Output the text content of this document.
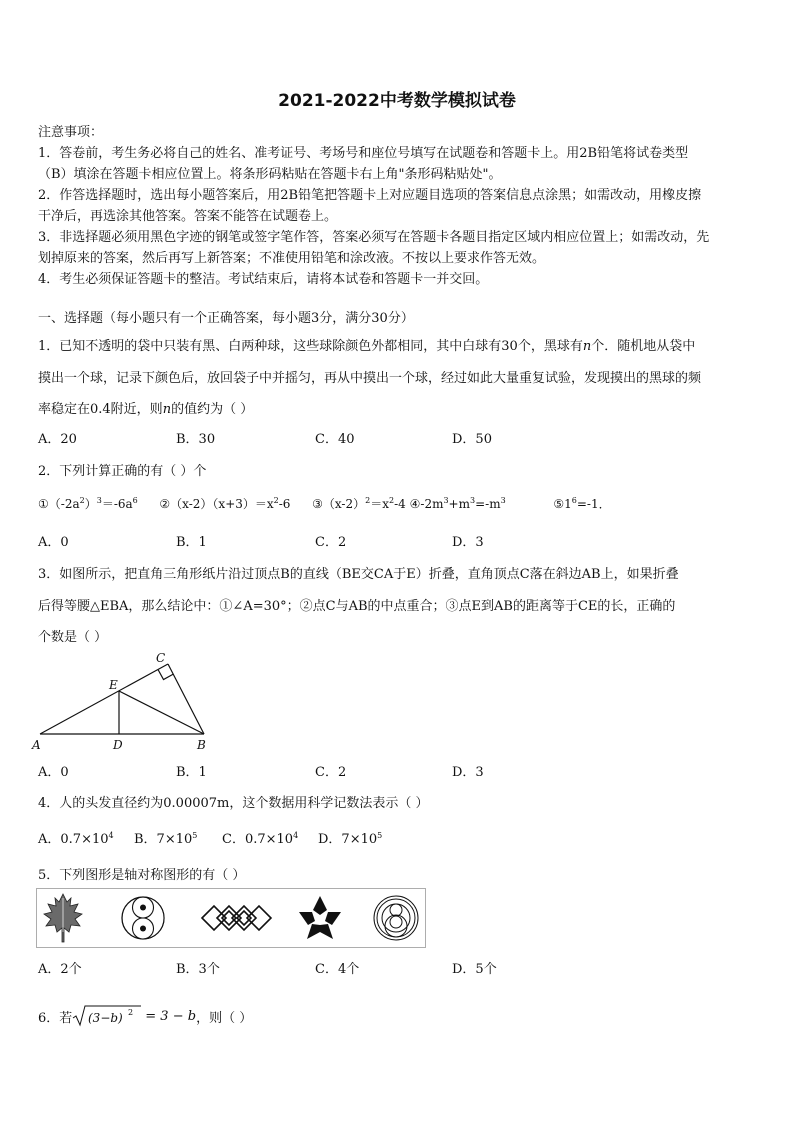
2021-2022中考数学模拟试卷
注意事项：
1．答卷前，考生务必将自己的姓名、准考证号、考场号和座位号填写在试题卷和答题卡上。用2B铅笔将试卷类型
（B）填涂在答题卡相应位置上。将条形码粘贴在答题卡右上角"条形码粘贴处"。
2．作答选择题时，选出每小题答案后，用2B铅笔把答题卡上对应题目选项的答案信息点涂黑；如需改动，用橡皮擦
干净后，再选涂其他答案。答案不能答在试题卷上。
3．非选择题必须用黑色字迹的钢笔或签字笔作答，答案必须写在答题卡各题目指定区域内相应位置上；如需改动，先
划掉原来的答案，然后再写上新答案；不准使用铅笔和涂改液。不按以上要求作答无效。
4．考生必须保证答题卡的整洁。考试结束后，请将本试卷和答题卡一并交回。
一、选择题（每小题只有一个正确答案，每小题3分，满分30分）
1．已知不透明的袋中只装有黑、白两种球，这些球除颜色外都相同，其中白球有30个，黑球有n个．随机地从袋中
摸出一个球，记录下颜色后，放回袋子中并摇匀，再从中摸出一个球，经过如此大量重复试验，发现摸出的黑球的频
率稳定在0.4附近，则n的值约为（ ）
A．20	B．30	C．40	D．50
2．下列计算正确的有（ ）个
$①(-2a^2)^3=-6a^6$ $②(x-2)(x+3)=x^2-6$ $③(x-2)^2=x^2-4$ $④-2m^3+m^3=-m^3$	$⑤1^6=-1$．
A．0	B．1	C．2	D．3
3．如图所示，把直角三角形纸片沿过顶点B的直线（BE交CA于E）折叠，直角顶点C落在斜边AB上，如果折叠
后得等腰△EBA，那么结论中：①∠A=30°；②点C与AB的中点重合；③点E到AB的距离等于CE的长，正确的
个数是（ ）
A	D	B
E
C
A．0	B．1	C．2	D．3
4．人的头发直径约为0.00007m，这个数据用科学记数法表示（ ）
A．$0.7\times 10^4$ B．$7\times 10^5$ C．$0.7\times 10^4$ D．$7\times 10^5$
5．下列图形是轴对称图形的有（ ）
A．2个	B．3个	C．4个	D．5个
6．若 (3−b) 2 = 3 − b ，则（ ）
